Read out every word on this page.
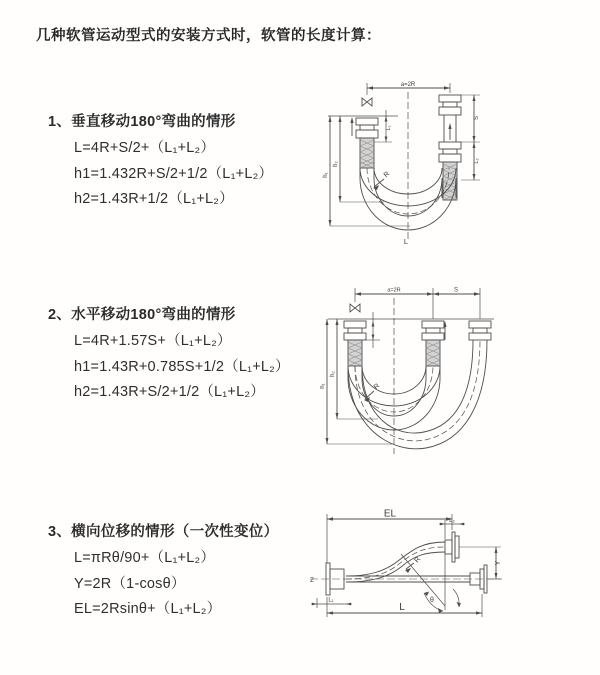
几种软管运动型式的安装方式时，软管的长度计算：
1、垂直移动180°弯曲的情形
L=4R+S/2+（L₁+L₂）
h1=1.432R+S/2+1/2（L₁+L₂）
h2=1.43R+1/2（L₁+L₂）
2、水平移动180°弯曲的情形
L=4R+1.57S+（L₁+L₂）
h1=1.43R+0.785S+1/2（L₁+L₂）
h2=1.43R+S/2+1/2（L₁+L₂）
3、横向位移的情形（一次性变位）
L=πRθ/90+（L₁+L₂）
Y=2R（1-cosθ）
EL=2Rsinθ+（L₁+L₂）
a=2R
h₁
h₂
L₁
S
L₂
R
L
a=2R	S
h₁
h₂
R
EL
L₂
Y
R
θ
Z
L₁
L
